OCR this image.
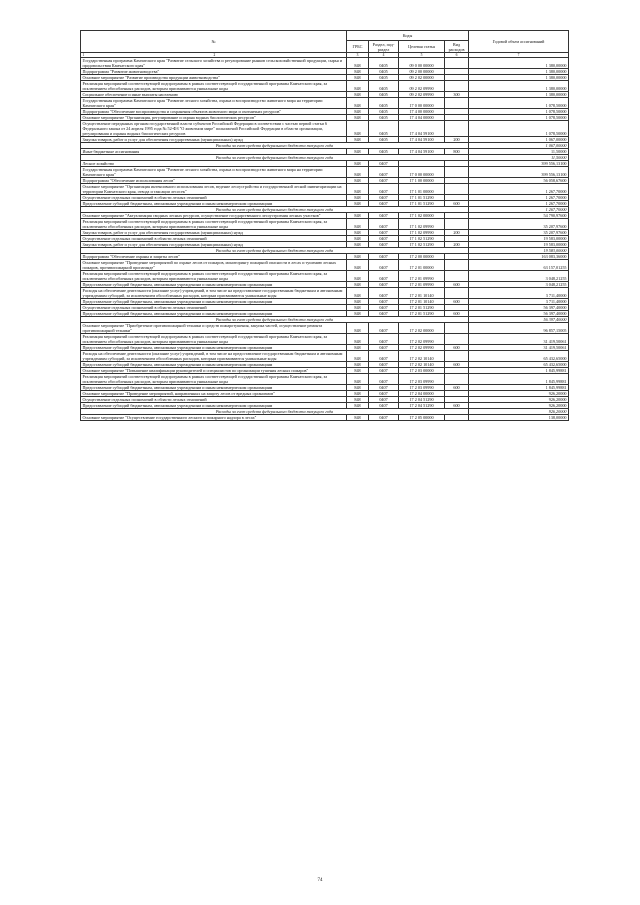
№	Коды				Годовой объем ассигнований
	ГРБС	Раздел, под-раздел	Целевая статья	Вид расходов	

1 2	3	4	5	6	7
Государственная программа Камчатского края "Развитие сельского хозяйства и регулирование рынков сельскохозяйственной продукции, сырья и продовольствия Камчатского края"	848	0405	09 0 00 00000		1 380,00000
Подпрограмма "Развитие животноводства"	848	0405	09 2 00 00000		1 380,00000
Основное мероприятие "Развитие производства продукции животноводства"	848	0405	09 2 02 00000		1 380,00000
Реализация мероприятий соответствующей подпрограммы в рамках соответствующей государственной программы Камчатского края, за исключением обособленных расходов, которым присваиваются уникальные коды	848	0405	09 2 02 09990		1 380,00000
Социальное обеспечение и иные выплаты населению	848	0405	09 2 02 09990	300	1 380,00000
Государственная программа Камчатского края "Развитие лесного хозяйства, охрана и воспроизводство животного мира на территории Камчатского края"	848	0405	17 0 00 00000		1 078,50000
Подпрограмма "Обеспечение воспроизводства и сохранения объектов животного мира и охотничьих ресурсов"	848	0405	17 4 00 00000		1 078,50000
Основное мероприятие "Организация, регулирование и охрана водных биологических ресурсов"	848	0405	17 4 04 00000		1 078,50000
Осуществление переданных органам государственной власти субъектов Российской Федерации в соответствии с частью первой статьи 6 Федерального закона от 24 апреля 1995 года № 52-ФЗ "О животном мире" полномочий Российской Федерации в области организации, регулирования и охраны водных биологических ресурсов	848	0405	17 4 04 59100		1 078,50000
Закупка товаров, работ и услуг для обеспечения государственных (муниципальных) нужд	848	0405	17 4 04 59100	200	1 067,00000
Расходы за счет средств федерального бюджета текущего года					1 067,00000
Иные бюджетные ассигнования	848	0405	17 4 04 59100	800	11,50000
Расходы за счет средств федерального бюджета текущего года					11,50000
Лесное хозяйство	848	0407			399 556,13100
Государственная программа Камчатского края "Развитие лесного хозяйства, охрана и воспроизводство животного мира на территории Камчатского края"	848	0407	17 0 00 00000		399 556,13100
Подпрограмма "Обеспечение использования лесов"	848	0407	17 1 00 00000		56 058,67600
Основное мероприятие "Организация интенсивного использования лесов, ведение лесоустройства и государственной лесной инвентаризации на территории Камчатского края, отвода и таксации лесосек"	848	0407	17 1 01 00000		1 267,70000
Осуществление отдельных полномочий в области лесных отношений	848	0407	17 1 01 51290		1 267,70000
Предоставление субсидий бюджетным, автономным учреждениям и иным некоммерческим организациям	848	0407	17 1 01 51290	600	1 267,70000
Расходы за счет средств федерального бюджета текущего года					1 267,70000
Основное мероприятие "Актуализация сводных лесных ресурсов, осуществление государственного лесоустроения лесных участков"	848	0407	17 1 02 00000		54 790,97600
Реализация мероприятий соответствующей подпрограммы в рамках соответствующей государственной программы Камчатского края, за исключением обособленных расходов, которым присваиваются уникальные коды	848	0407	17 1 02 09990		35 207,97600
Закупка товаров, работ и услуг для обеспечения государственных (муниципальных) нужд	848	0407	17 1 02 09990	200	35 207,97600
Осуществление отдельных полномочий в области лесных отношений	848	0407	17 1 02 51290		19 583,00000
Закупка товаров, работ и услуг для обеспечения государственных (муниципальных) нужд	848	0407	17 1 02 51290	200	19 583,00000
Расходы за счет средств федерального бюджета текущего года					19 583,00000
Подпрограмма "Обеспечение охраны и защиты лесов"	848	0407	17 2 00 00000		163 083,36000
Основное мероприятие "Проведение мероприятий по охране лесов от пожаров, мониторингу пожарной опасности в лесах и тушению лесных пожаров, противопожарной пропаганде"	848	0407	17 2 01 00000		63 157,01255
Реализация мероприятий соответствующей подпрограммы в рамках соответствующей государственной программы Камчатского края, за исключением обособленных расходов, которым присваиваются уникальные коды	848	0407	17 2 01 09990		3 048,21255
Предоставление субсидий бюджетным, автономным учреждениям и иным некоммерческим организациям	848	0407	17 2 01 09990	600	3 048,21255
Расходы на обеспечение деятельности (оказание услуг) учреждений, в том числе на предоставление государственным бюджетным и автономным учреждениям субсидий, за исключением обособленных расходов, которым присваиваются уникальные коды	848	0407	17 2 01 10140		3 711,40000
Предоставление субсидий бюджетным, автономным учреждениям и иным некоммерческим организациям	848	0407	17 2 01 10140	600	3 711,40000
Осуществление отдельных полномочий в области лесных отношений	848	0407	17 2 01 51290		56 397,40000
Предоставление субсидий бюджетным, автономным учреждениям и иным некоммерческим организациям	848	0407	17 2 01 51290	600	56 397,40000
Расходы за счет средств федерального бюджета текущего года					56 397,40000
Основное мероприятие "Приобретение противопожарной техники и средств пожаротушения, закупка частей, осуществление ремонта противопожарной техники"	848	0407	17 2 02 00000		96 857,15005
Реализация мероприятий соответствующей подпрограммы в рамках соответствующей государственной программы Камчатского края, за исключением обособленных расходов, которым присваиваются уникальные коды	848	0407	17 2 02 09990		31 419,50061
Предоставление субсидий бюджетным, автономным учреждениям и иным некоммерческим организациям	848	0407	17 2 02 09990	600	31 419,50061
Расходы на обеспечение деятельности (оказание услуг) учреждений, в том числе на предоставление государственным бюджетным и автономным учреждениям субсидий, за исключением обособленных расходов, которым присваиваются уникальные коды	848	0407	17 2 02 10140		65 432,65000
Предоставление субсидий бюджетным, автономным учреждениям и иным некоммерческим организациям	848	0407	17 2 02 10140	600	65 432,65000
Основное мероприятие "Повышение квалификации руководителей и специалистов по организации тушения лесных пожаров"	848	0407	17 2 03 00000		1 845,99881
Реализация мероприятий соответствующей подпрограммы в рамках соответствующей государственной программы Камчатского края, за исключением обособленных расходов, которым присваиваются уникальные коды	848	0407	17 2 03 09990		1 845,99881
Предоставление субсидий бюджетным, автономным учреждениям и иным некоммерческим организациям	848	0407	17 2 03 09990	600	1 845,99881
Основное мероприятие "Проведение мероприятий, направленных на защиту лесов от вредных организмов"	848	0407	17 2 04 00000		926,20000
Осуществление отдельных полномочий в области лесных отношений	848	0407	17 2 04 51290		926,20000
Предоставление субсидий бюджетным, автономным учреждениям и иным некоммерческим организациям	848	0407	17 2 04 51290	600	926,20000
Расходы за счет средств федерального бюджета текущего года					926,20000
Основное мероприятие "Осуществление государственного лесного и пожарного надзора в лесах"	848	0407	17 2 05 00000		138,00000
74
